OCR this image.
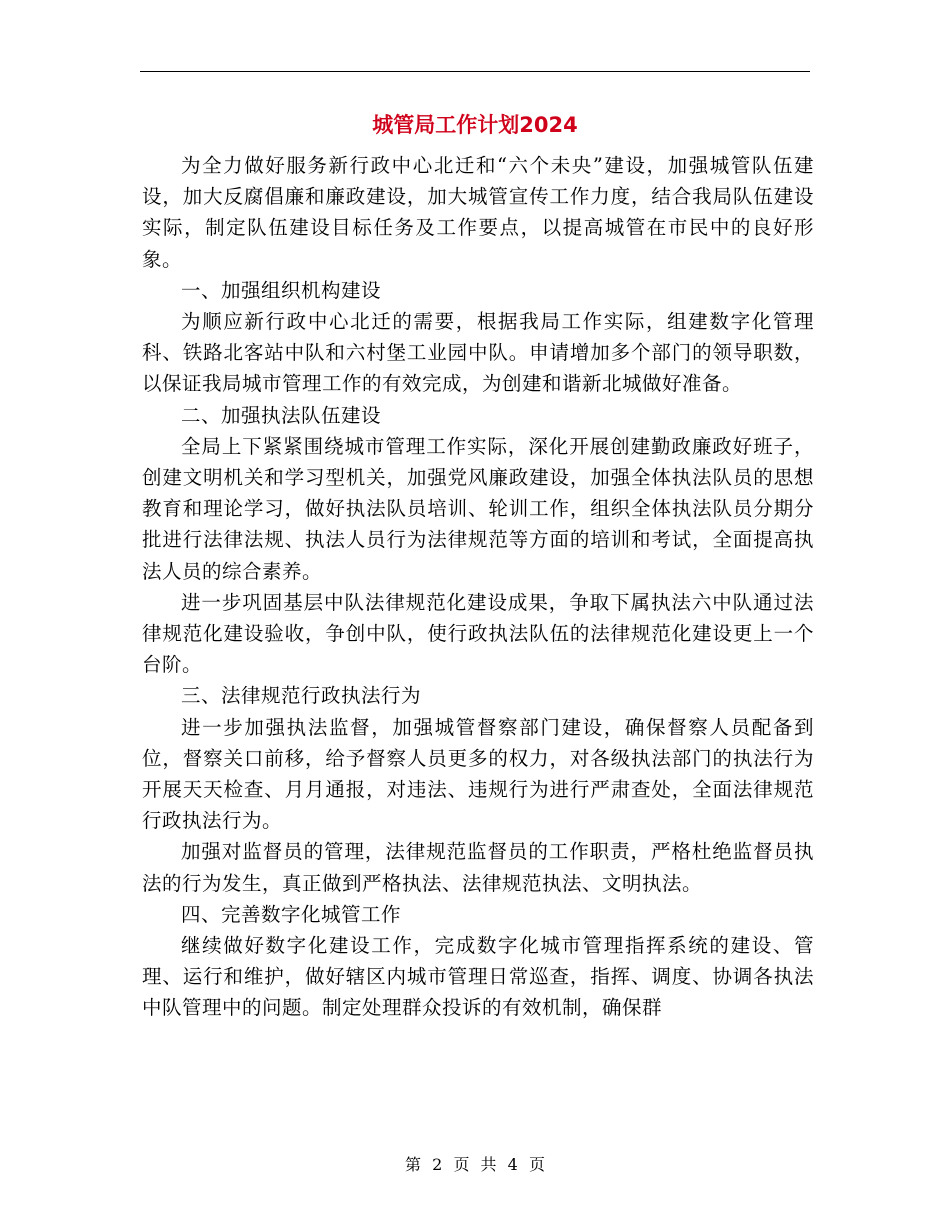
城管局工作计划2024

为全力做好服务新行政中心北迁和“六个未央”建设，加强城管队伍建设，加大反腐倡廉和廉政建设，加大城管宣传工作力度，结合我局队伍建设实际，制定队伍建设目标任务及工作要点，以提高城管在市民中的良好形象。

一、加强组织机构建设

为顺应新行政中心北迁的需要，根据我局工作实际，组建数字化管理科、铁路北客站中队和六村堡工业园中队。申请增加多个部门的领导职数，以保证我局城市管理工作的有效完成，为创建和谐新北城做好准备。

二、加强执法队伍建设

全局上下紧紧围绕城市管理工作实际，深化开展创建勤政廉政好班子，创建文明机关和学习型机关，加强党风廉政建设，加强全体执法队员的思想教育和理论学习，做好执法队员培训、轮训工作，组织全体执法队员分期分批进行法律法规、执法人员行为法律规范等方面的培训和考试，全面提高执法人员的综合素养。

进一步巩固基层中队法律规范化建设成果，争取下属执法六中队通过法律规范化建设验收，争创中队，使行政执法队伍的法律规范化建设更上一个台阶。

三、法律规范行政执法行为

进一步加强执法监督，加强城管督察部门建设，确保督察人员配备到位，督察关口前移，给予督察人员更多的权力，对各级执法部门的执法行为开展天天检查、月月通报，对违法、违规行为进行严肃查处，全面法律规范行政执法行为。

加强对监督员的管理，法律规范监督员的工作职责，严格杜绝监督员执法的行为发生，真正做到严格执法、法律规范执法、文明执法。

四、完善数字化城管工作

继续做好数字化建设工作，完成数字化城市管理指挥系统的建设、管理、运行和维护，做好辖区内城市管理日常巡查，指挥、调度、协调各执法中队管理中的问题。制定处理群众投诉的有效机制，确保群

第 2 页 共 4 页
